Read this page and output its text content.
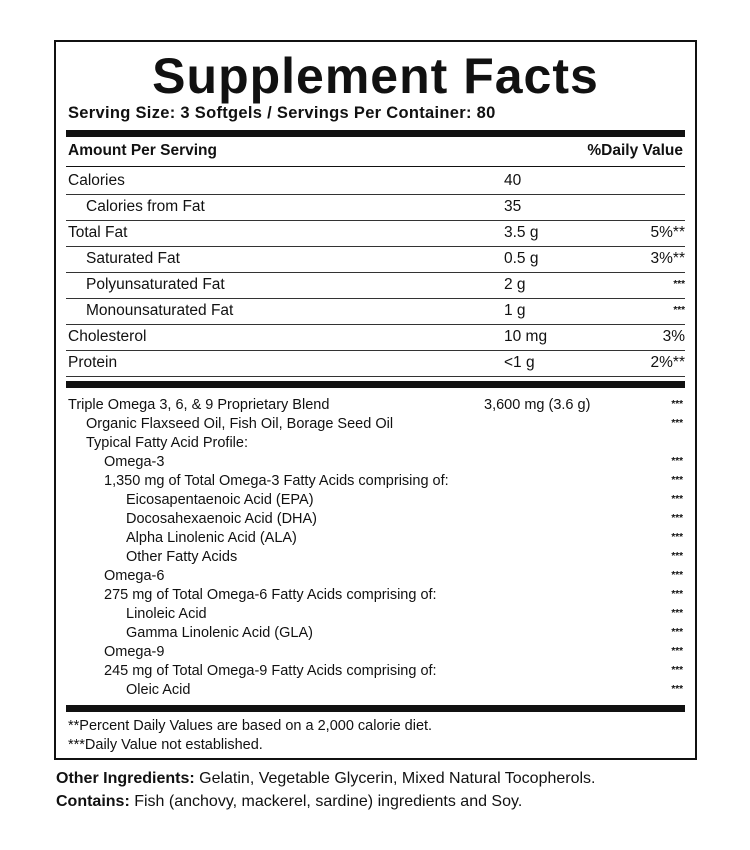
Supplement Facts
Serving Size: 3 Softgels / Servings Per Container: 80
Amount Per Serving	%Daily Value
Calories	40
Calories from Fat	35
Total Fat	3.5 g	5%**
Saturated Fat	0.5 g	3%**
Polyunsaturated Fat	2 g	***
Monounsaturated Fat	1 g	***
Cholesterol	10 mg	3%
Protein	<1 g	2%**
Triple Omega 3, 6, & 9 Proprietary Blend	3,600 mg (3.6 g)	***
Organic Flaxseed Oil, Fish Oil, Borage Seed Oil	***
Typical Fatty Acid Profile:
Omega-3	***
1,350 mg of Total Omega-3 Fatty Acids comprising of:	***
Eicosapentaenoic Acid (EPA)	***
Docosahexaenoic Acid (DHA)	***
Alpha Linolenic Acid (ALA)	***
Other Fatty Acids	***
Omega-6	***
275 mg of Total Omega-6 Fatty Acids comprising of:	***
Linoleic Acid	***
Gamma Linolenic Acid (GLA)	***
Omega-9	***
245 mg of Total Omega-9 Fatty Acids comprising of:	***
Oleic Acid	***
**Percent Daily Values are based on a 2,000 calorie diet.
***Daily Value not established.
Other Ingredients: Gelatin, Vegetable Glycerin, Mixed Natural Tocopherols.
Contains: Fish (anchovy, mackerel, sardine) ingredients and Soy.
